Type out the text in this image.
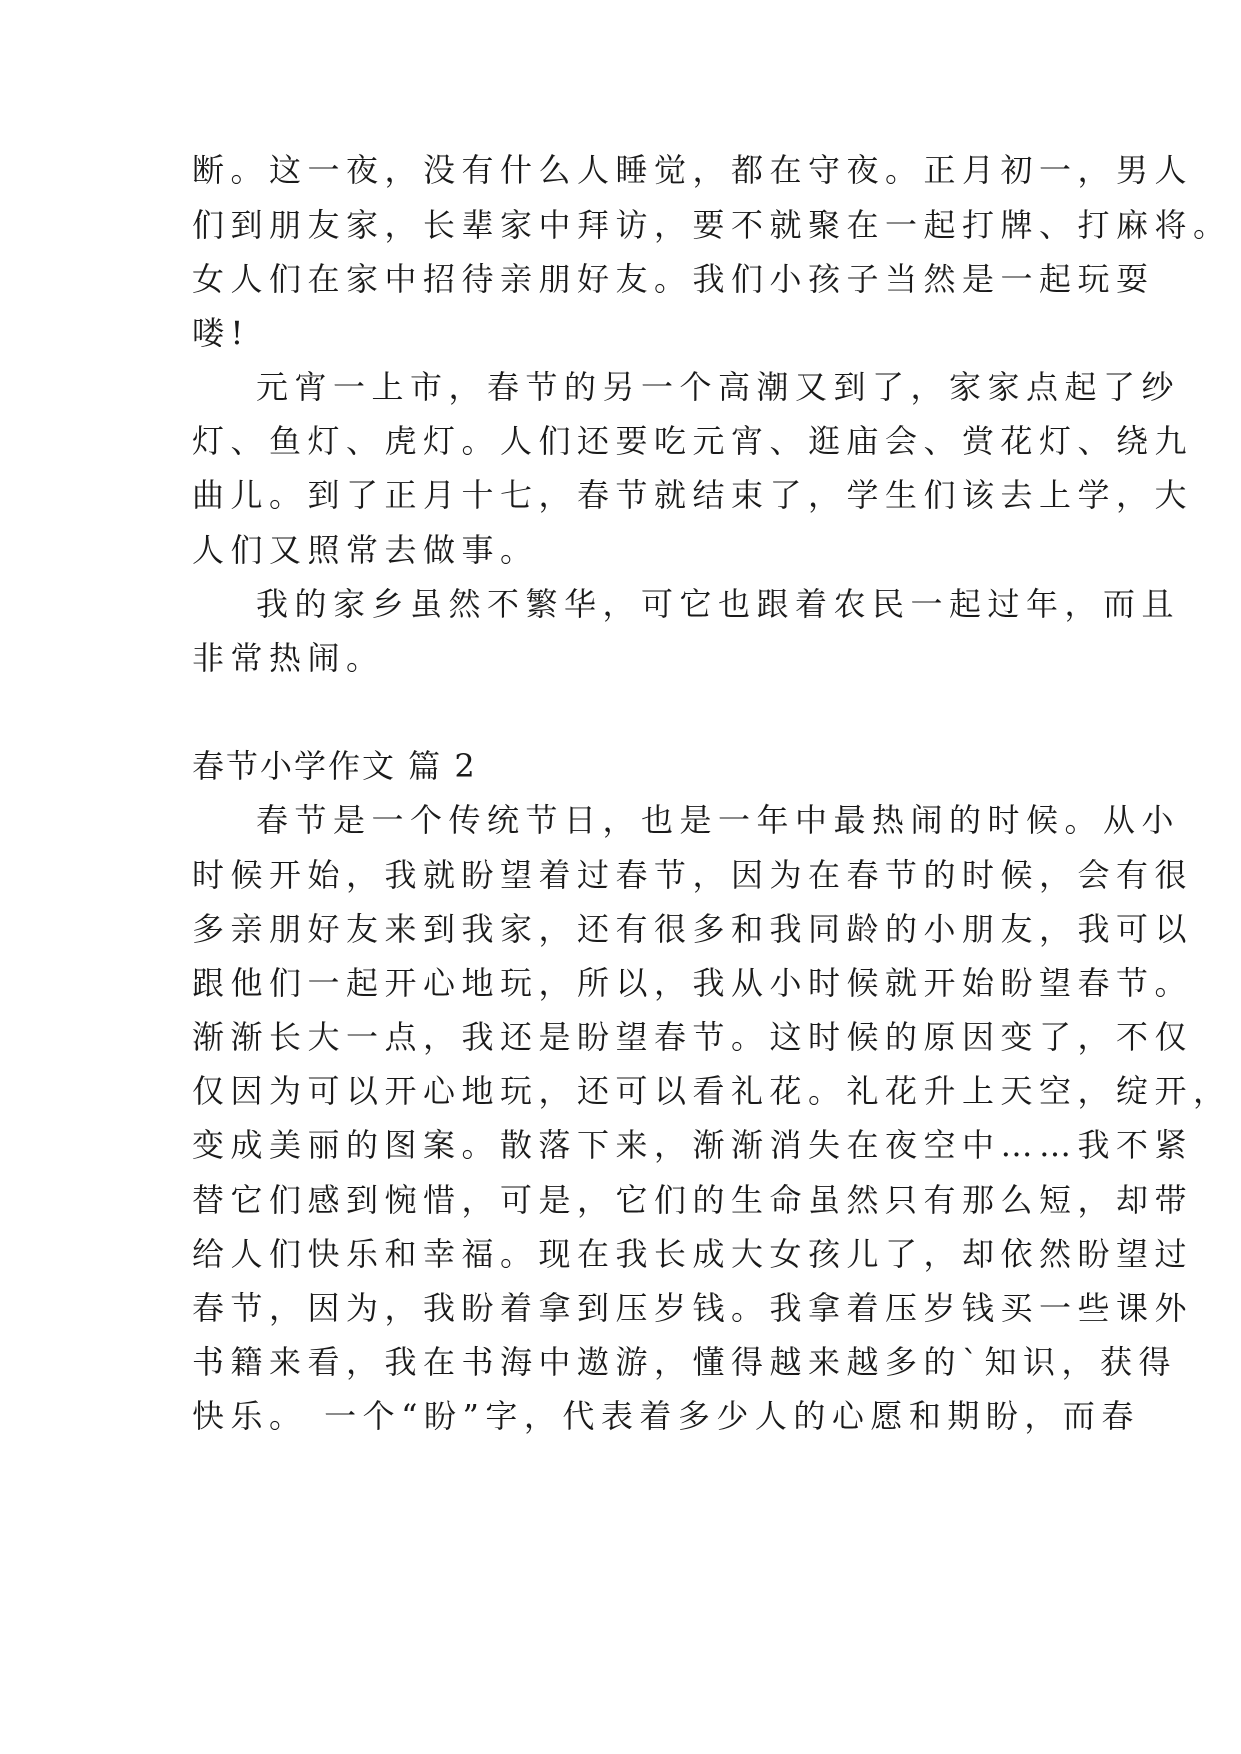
断。这一夜，没有什么人睡觉，都在守夜。正月初一，男人
们到朋友家，长辈家中拜访，要不就聚在一起打牌、打麻将。
女人们在家中招待亲朋好友。我们小孩子当然是一起玩耍
喽!
元宵一上市，春节的另一个高潮又到了，家家点起了纱
灯、鱼灯、虎灯。人们还要吃元宵、逛庙会、赏花灯、绕九
曲儿。到了正月十七，春节就结束了，学生们该去上学，大
人们又照常去做事。
我的家乡虽然不繁华，可它也跟着农民一起过年，而且
非常热闹。
春节小学作文 篇 2
春节是一个传统节日，也是一年中最热闹的时候。从小
时候开始，我就盼望着过春节，因为在春节的时候，会有很
多亲朋好友来到我家，还有很多和我同龄的小朋友，我可以
跟他们一起开心地玩，所以，我从小时候就开始盼望春节。
渐渐长大一点，我还是盼望春节。这时候的原因变了，不仅
仅因为可以开心地玩，还可以看礼花。礼花升上天空，绽开，
变成美丽的图案。散落下来，渐渐消失在夜空中……我不紧
替它们感到惋惜，可是，它们的生命虽然只有那么短，却带
给人们快乐和幸福。现在我长成大女孩儿了，却依然盼望过
春节，因为，我盼着拿到压岁钱。我拿着压岁钱买一些课外
书籍来看，我在书海中遨游，懂得越来越多的`知识，获得
快乐。 一个“盼”字，代表着多少人的心愿和期盼，而春
